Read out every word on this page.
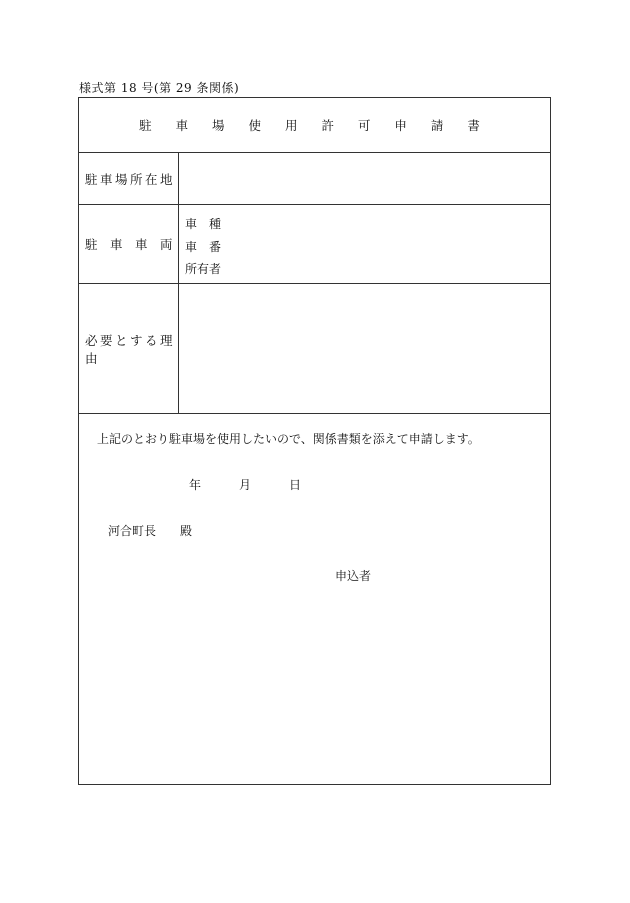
様式第 18 号(第 29 条関係)
駐 車 場 使 用 許 可 申 請 書
駐車場所在地
駐　車　車　両
車　種
車　番
所有者
必要とする理由
上記のとおり駐車場を使用したいので、関係書類を添えて申請します。
年	月	日
河合町長　　殿
申込者
